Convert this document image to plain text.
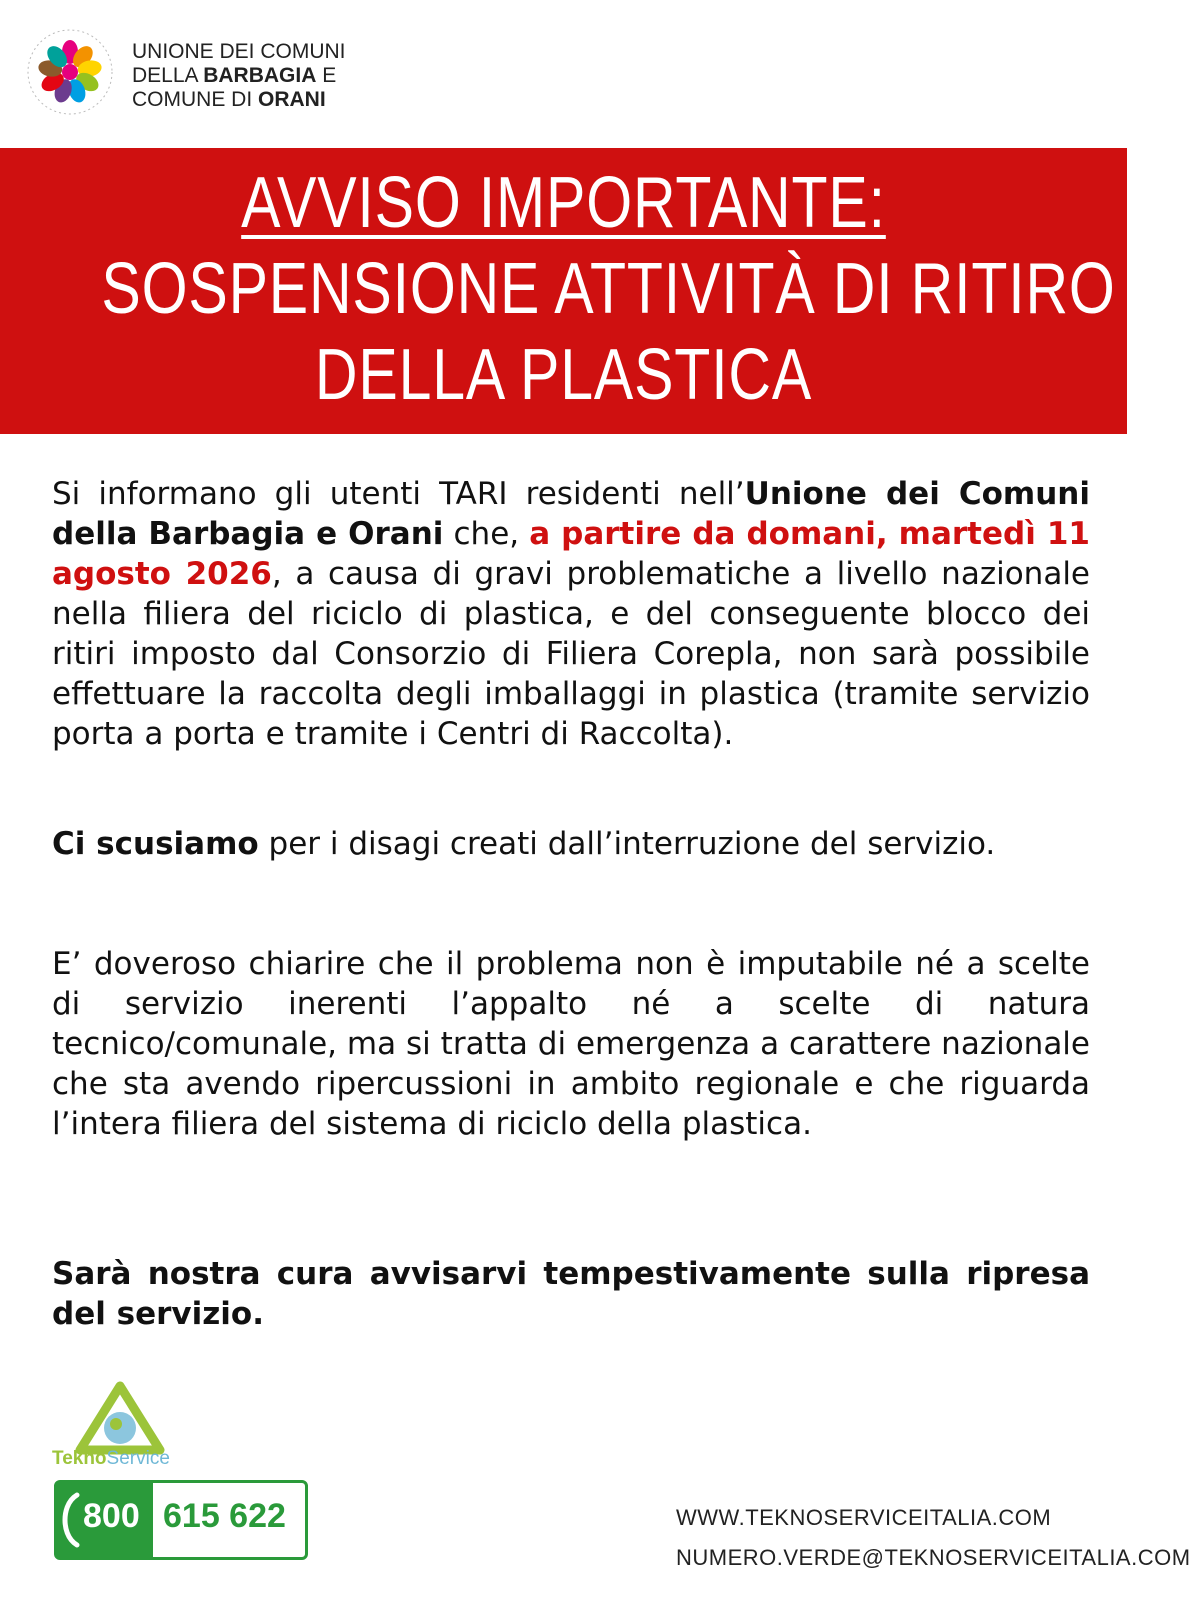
UNIONE DEI COMUNI
DELLA BARBAGIA E
COMUNE DI ORANI
AVVISO IMPORTANTE:
SOSPENSIONE ATTIVITÀ DI RITIRO
DELLA PLASTICA
Si informano gli utenti TARI residenti nell’Unione dei Comuni della Barbagia e Orani che, a partire da domani, martedì 11 agosto 2026, a causa di gravi problematiche a livello nazionale nella filiera del riciclo di plastica, e del conseguente blocco dei ritiri imposto dal Consorzio di Filiera Corepla, non sarà possibile effettuare la raccolta degli imballaggi in plastica (tramite servizio porta a porta e tramite i Centri di Raccolta).
Ci scusiamo per i disagi creati dall’interruzione del servizio.
E’ doveroso chiarire che il problema non è imputabile né a scelte di servizio inerenti l’appalto né a scelte di natura tecnico/comunale, ma si tratta di emergenza a carattere nazionale che sta avendo ripercussioni in ambito regionale e che riguarda l’intera filiera del sistema di riciclo della plastica.
Sarà nostra cura avvisarvi tempestivamente sulla ripresa del servizio.
TeknoService
800 615 622	WWW.TEKNOSERVICEITALIA.COM
NUMERO.VERDE@TEKNOSERVICEITALIA.COM
